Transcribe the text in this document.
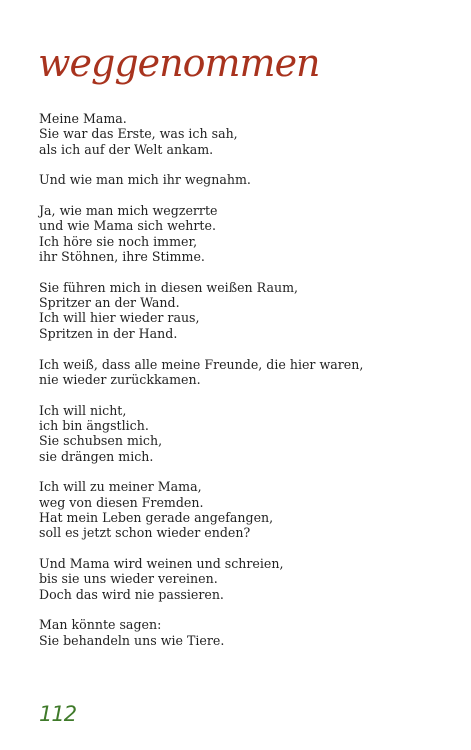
weggenommen
Meine Mama.
Sie war das Erste, was ich sah,
als ich auf der Welt ankam.
Und wie man mich ihr wegnahm.
Ja, wie man mich wegzerrte
und wie Mama sich wehrte.
Ich höre sie noch immer,
ihr Stöhnen, ihre Stimme.
Sie führen mich in diesen weißen Raum,
Spritzer an der Wand.
Ich will hier wieder raus,
Spritzen in der Hand.
Ich weiß, dass alle meine Freunde, die hier waren,
nie wieder zurückkamen.
Ich will nicht,
ich bin ängstlich.
Sie schubsen mich,
sie drängen mich.
Ich will zu meiner Mama,
weg von diesen Fremden.
Hat mein Leben gerade angefangen,
soll es jetzt schon wieder enden?
Und Mama wird weinen und schreien,
bis sie uns wieder vereinen.
Doch das wird nie passieren.
Man könnte sagen:
Sie behandeln uns wie Tiere.
112
